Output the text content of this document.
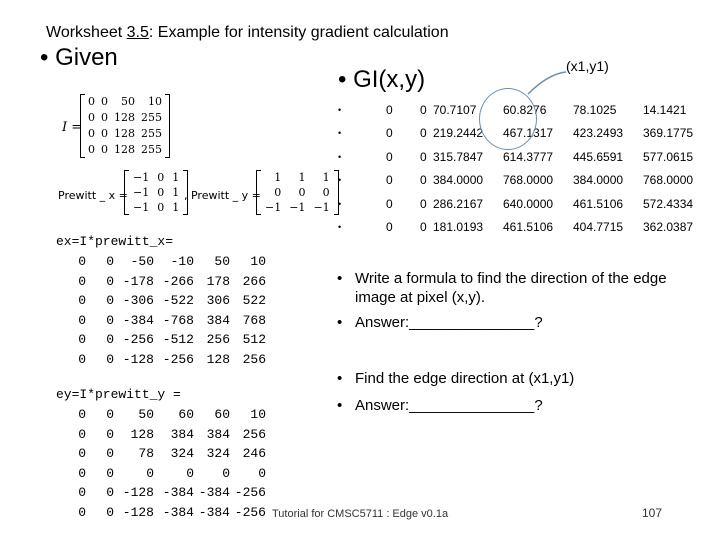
Worksheet 3.5: Example for intensity gradient calculation
• Given
• GI(x,y)	(x1,y1)
I =
0	0	50	10
0	0	128	255
0	0	128	255
0	0	128	255
Prewitt _ x =
−1	0	1
−1	0	1
−1	0	1
, Prewitt _ y =
1	1	1
0	0	0
−1	−1	−1
•	0	0	70.7107	60.8276	78.1025	14.1421
•	0	0	219.2442	467.1317	423.2493	369.1775
•	0	0	315.7847	614.3777	445.6591	577.0615
•	0	0	384.0000	768.0000	384.0000	768.0000
•	0	0	286.2167	640.0000	461.5106	572.4334
•	0	0	181.0193	461.5106	404.7715	362.0387
ex=I*prewitt_x=
0	0	-50	-10	50	10
0	0	-178	-266	178	266
0	0	-306	-522	306	522
0	0	-384	-768	384	768
0	0	-256	-512	256	512
0	0	-128	-256	128	256
ey=I*prewitt_y =
0	0	50	60	60	10
0	0	128	384	384	256
0	0	78	324	324	246
0	0	0	0	0	0
0	0	-128	-384	-384	-256
0	0	-128	-384	-384	-256
• Write a formula to find the direction of the edge image at pixel (x,y).
• Answer:_______________?
• Find the edge direction at (x1,y1)
• Answer:_______________?
Tutorial for CMSC5711 : Edge v0.1a	107
